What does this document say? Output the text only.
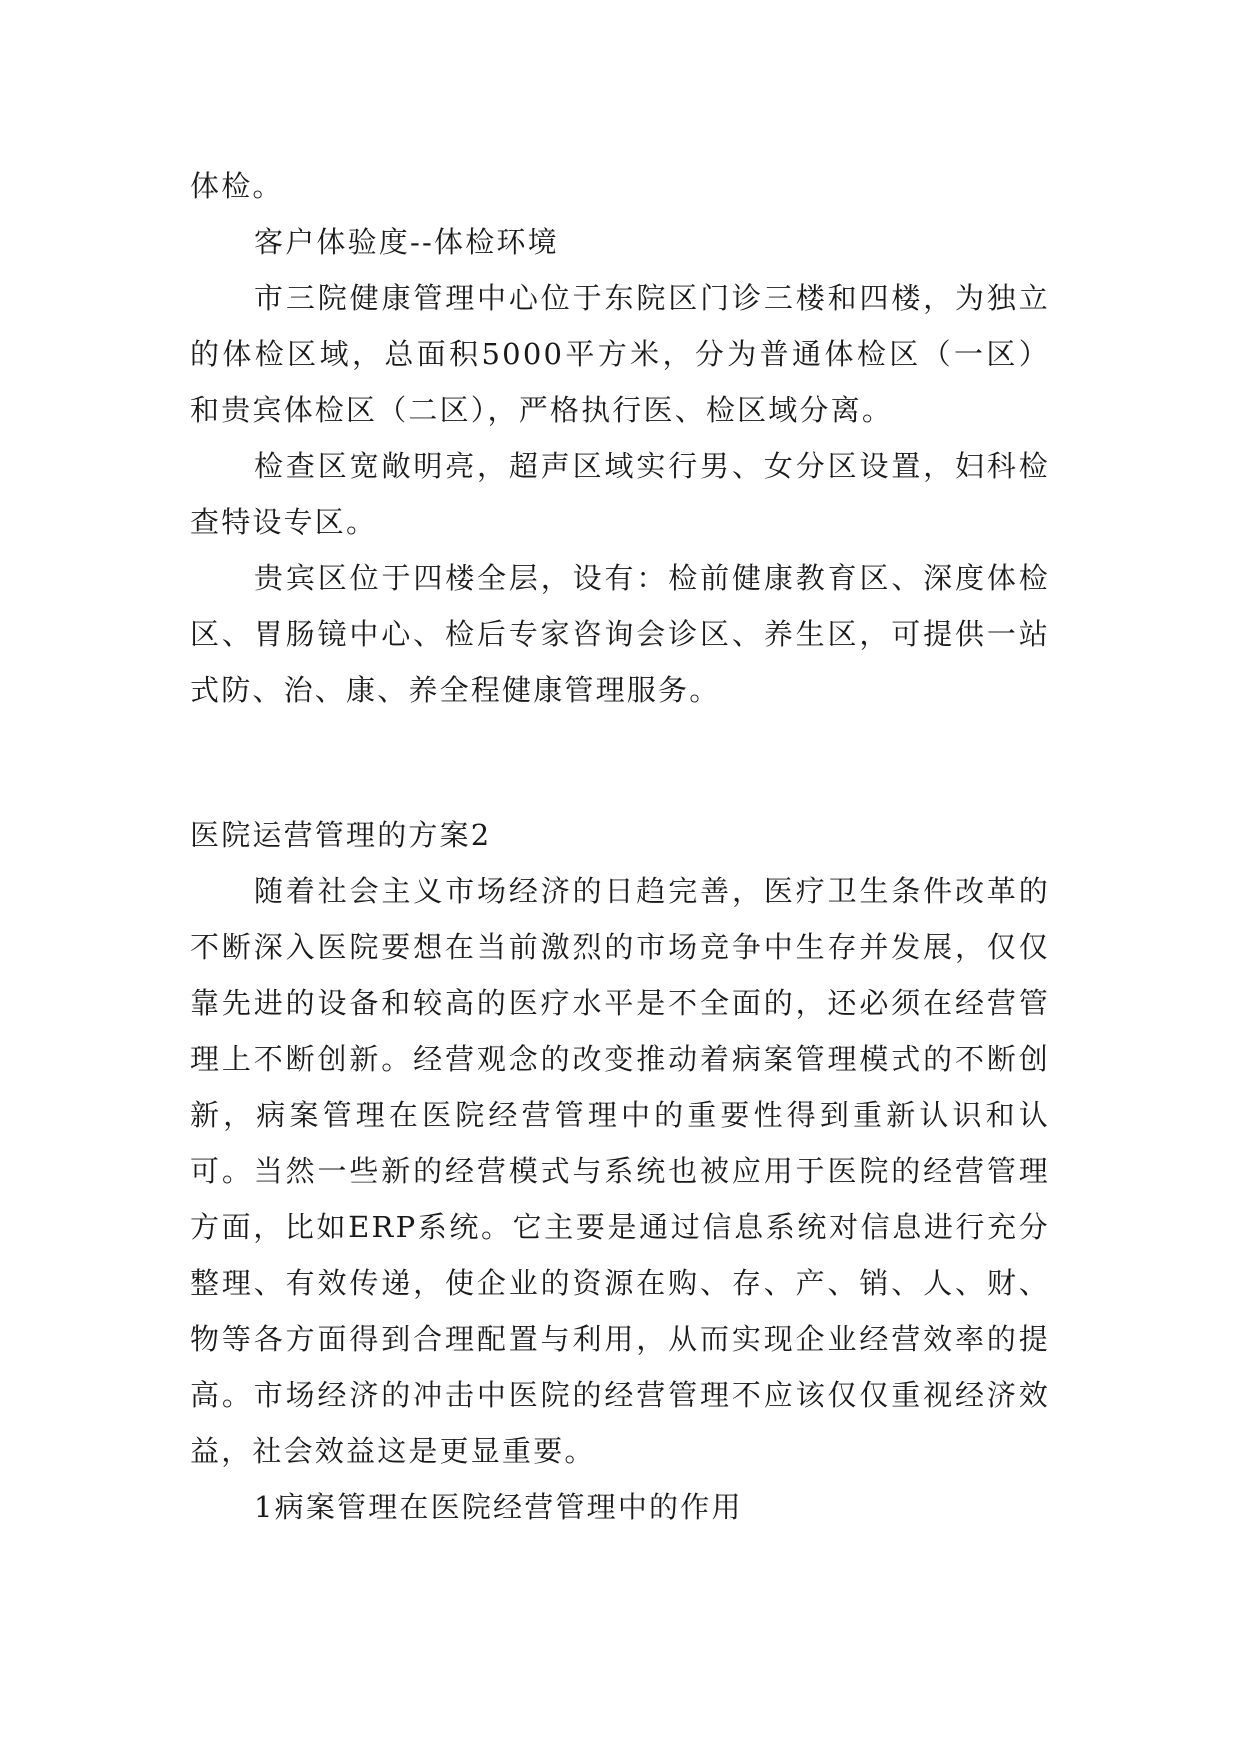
体检。

客户体验度--体检环境

市三院健康管理中心位于东院区门诊三楼和四楼，为独立的体检区域，总面积5000平方米，分为普通体检区（一区）和贵宾体检区（二区），严格执行医、检区域分离。

检查区宽敞明亮，超声区域实行男、女分区设置，妇科检查特设专区。

贵宾区位于四楼全层，设有：检前健康教育区、深度体检区、胃肠镜中心、检后专家咨询会诊区、养生区，可提供一站式防、治、康、养全程健康管理服务。

医院运营管理的方案2

随着社会主义市场经济的日趋完善，医疗卫生条件改革的不断深入医院要想在当前激烈的市场竞争中生存并发展，仅仅靠先进的设备和较高的医疗水平是不全面的，还必须在经营管理上不断创新。经营观念的改变推动着病案管理模式的不断创新，病案管理在医院经营管理中的重要性得到重新认识和认可。当然一些新的经营模式与系统也被应用于医院的经营管理方面，比如ERP系统。它主要是通过信息系统对信息进行充分整理、有效传递，使企业的资源在购、存、产、销、人、财、物等各方面得到合理配置与利用，从而实现企业经营效率的提高。市场经济的冲击中医院的经营管理不应该仅仅重视经济效益，社会效益这是更显重要。

1病案管理在医院经营管理中的作用
